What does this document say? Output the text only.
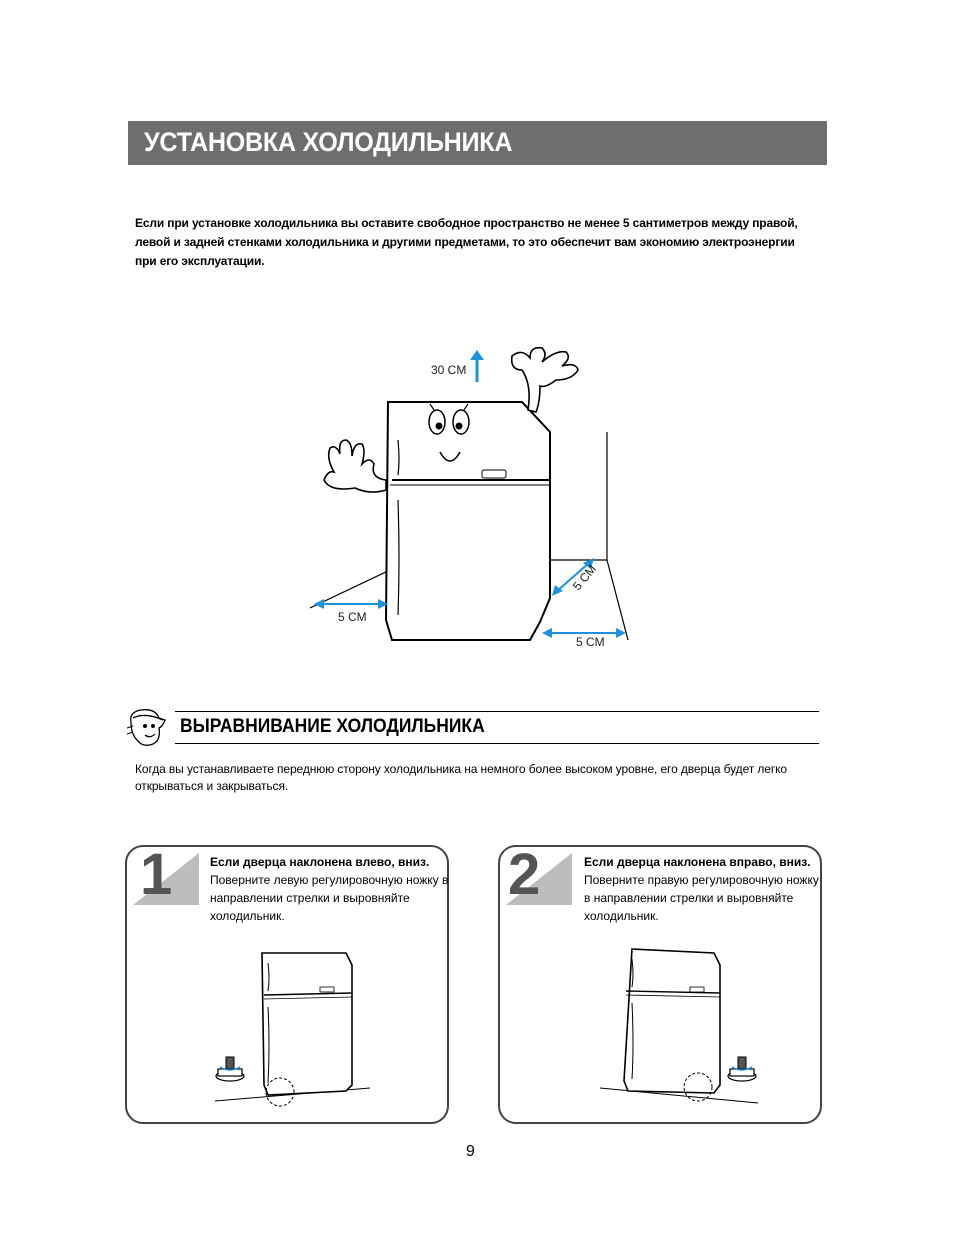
УСТАНОВКА ХОЛОДИЛЬНИКА
Если при установке холодильника вы оставите свободное пространство не менее 5 сантиметров между правой, левой и задней стенками холодильника и другими предметами, то это обеспечит вам экономию электроэнергии при его эксплуатации.
30 CM
5 CM
5 CM
5 CM
ВЫРАВНИВАНИЕ ХОЛОДИЛЬНИКА
Когда вы устанавливаете переднюю сторону холодильника на немного более высоком уровне, его дверца будет легко открываться и закрываться.
1	Если дверца наклонена влево, вниз.
Поверните левую регулировочную ножку в направлении стрелки и выровняйте холодильник.
2	Если дверца наклонена вправо, вниз.
Поверните правую регулировочную ножку в направлении стрелки и выровняйте холодильник.
9
